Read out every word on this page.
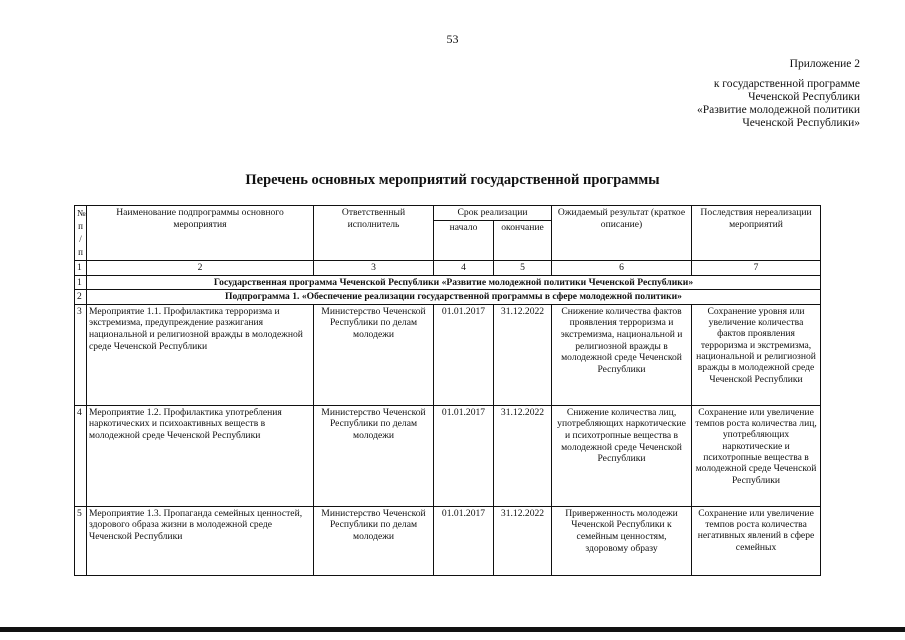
53
Приложение 2
к государственной программе
Чеченской Республики
«Развитие молодежной политики
Чеченской Республики»
Перечень основных мероприятий государственной программы
№ п / п	Наименование подпрограммы основного мероприятия	Ответственный исполнитель	Срок реализации		Ожидаемый результат (краткое описание)	Последствия нереализации мероприятий
			начало	окончание		
1	2	3	4	5	6	7
1	Государственная программа Чеченской Республики «Развитие молодежной политики Чеченской Республики»					
2	Подпрограмма 1. «Обеспечение реализации государственной программы в сфере молодежной политики»					
3	Мероприятие 1.1. Профилактика терроризма и экстремизма, предупреждение разжигания национальной и религиозной вражды в молодежной среде Чеченской Республики	Министерство Чеченской Республики по делам молодежи	01.01.2017	31.12.2022	Снижение количества фактов проявления терроризма и экстремизма, национальной и религиозной вражды в молодежной среде Чеченской Республики	Сохранение уровня или увеличение количества фактов проявления терроризма и экстремизма, национальной и религиозной вражды в молодежной среде Чеченской Республики
4	Мероприятие 1.2. Профилактика употребления наркотических и психоактивных веществ в молодежной среде Чеченской Республики	Министерство Чеченской Республики по делам молодежи	01.01.2017	31.12.2022	Снижение количества лиц, употребляющих наркотические и психотропные вещества в молодежной среде Чеченской Республики	Сохранение или увеличение темпов роста количества лиц, употребляющих наркотические и психотропные вещества в молодежной среде Чеченской Республики
5	Мероприятие 1.3. Пропаганда семейных ценностей, здорового образа жизни в молодежной среде Чеченской Республики	Министерство Чеченской Республики по делам молодежи	01.01.2017	31.12.2022	Приверженность молодежи Чеченской Республики к семейным ценностям, здоровому образу	Сохранение или увеличение темпов роста количества негативных явлений в сфере семейных
